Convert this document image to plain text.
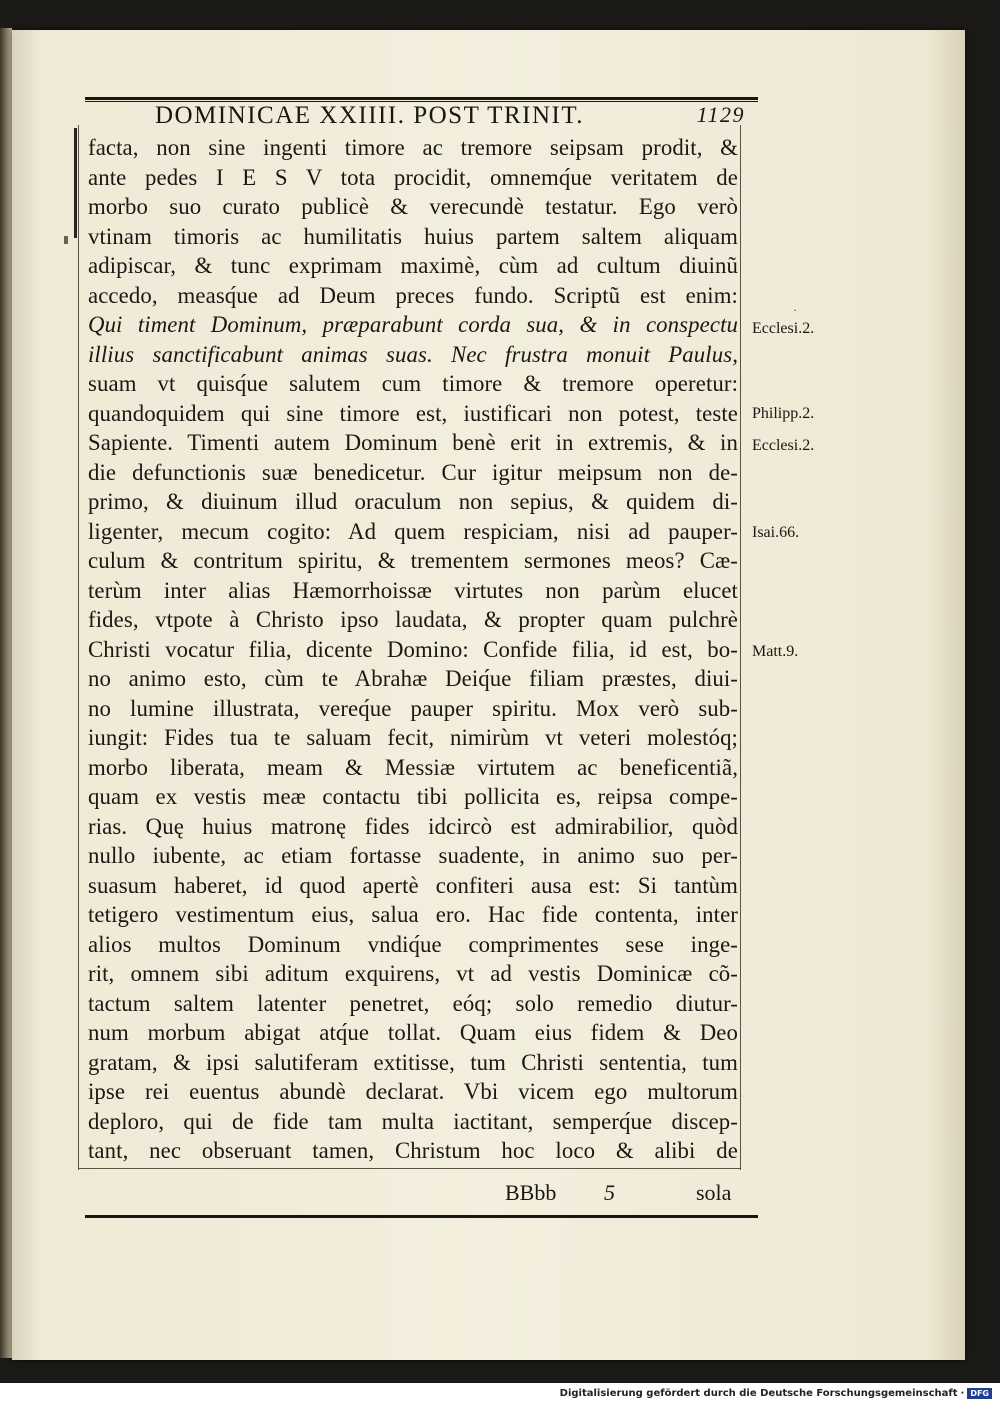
DOMINICAE XXIIII. POST TRINIT.	1129
facta, non sine ingenti timore ac tremore seipsam prodit, &
ante pedes I E S V tota procidit, omnemq́ue veritatem de
morbo suo curato publicè & verecundè testatur. Ego verò
vtinam timoris ac humilitatis huius partem saltem aliquam
adipiscar, & tunc exprimam maximè, cùm ad cultum diuinũ
accedo, measq́ue ad Deum preces fundo. Scriptũ est enim:
Qui timent Dominum, præparabunt corda sua, & in conspectu
illius sanctificabunt animas suas. Nec frustra monuit Paulus,
suam vt quisq́ue salutem cum timore & tremore operetur:
quandoquidem qui sine timore est, iustificari non potest, teste
Sapiente. Timenti autem Dominum benè erit in extremis, & in
die defunctionis suæ benedicetur. Cur igitur meipsum non de-
primo, & diuinum illud oraculum non sepius, & quidem di-
ligenter, mecum cogito: Ad quem respiciam, nisi ad pauper-
culum & contritum spiritu, & trementem sermones meos? Cæ-
terùm inter alias Hæmorrhoissæ virtutes non parùm elucet
fides, vtpote à Christo ipso laudata, & propter quam pulchrè
Christi vocatur filia, dicente Domino: Confide filia, id est, bo-
no animo esto, cùm te Abrahæ Deiq́ue filiam præstes, diui-
no lumine illustrata, vereq́ue pauper spiritu. Mox verò sub-
iungit: Fides tua te saluam fecit, nimirùm vt veteri molestóq;
morbo liberata, meam & Messiæ virtutem ac beneficentiã,
quam ex vestis meæ contactu tibi pollicita es, reipsa compe-
rias. Quę huius matronę fides idcircò est admirabilior, quòd
nullo iubente, ac etiam fortasse suadente, in animo suo per-
suasum haberet, id quod apertè confiteri ausa est: Si tantùm
tetigero vestimentum eius, salua ero. Hac fide contenta, inter
alios multos Dominum vndiq́ue comprimentes sese inge-
rit, omnem sibi aditum exquirens, vt ad vestis Dominicæ cõ-
tactum saltem latenter penetret, eóq; solo remedio diutur-
num morbum abigat atq́ue tollat. Quam eius fidem & Deo
gratam, & ipsi salutiferam extitisse, tum Christi sententia, tum
ipse rei euentus abundè declarat. Vbi vicem ego multorum
deploro, qui de fide tam multa iactitant, semperq́ue discep-
tant, nec obseruant tamen, Christum hoc loco & alibi de
Ecclesi.2.
Philipp.2.
Ecclesi.2.
Isai.66.
Matt.9.
·
BBbb 5	sola
Digitalisierung gefördert durch die Deutsche Forschungsgemeinschaft · DFG
